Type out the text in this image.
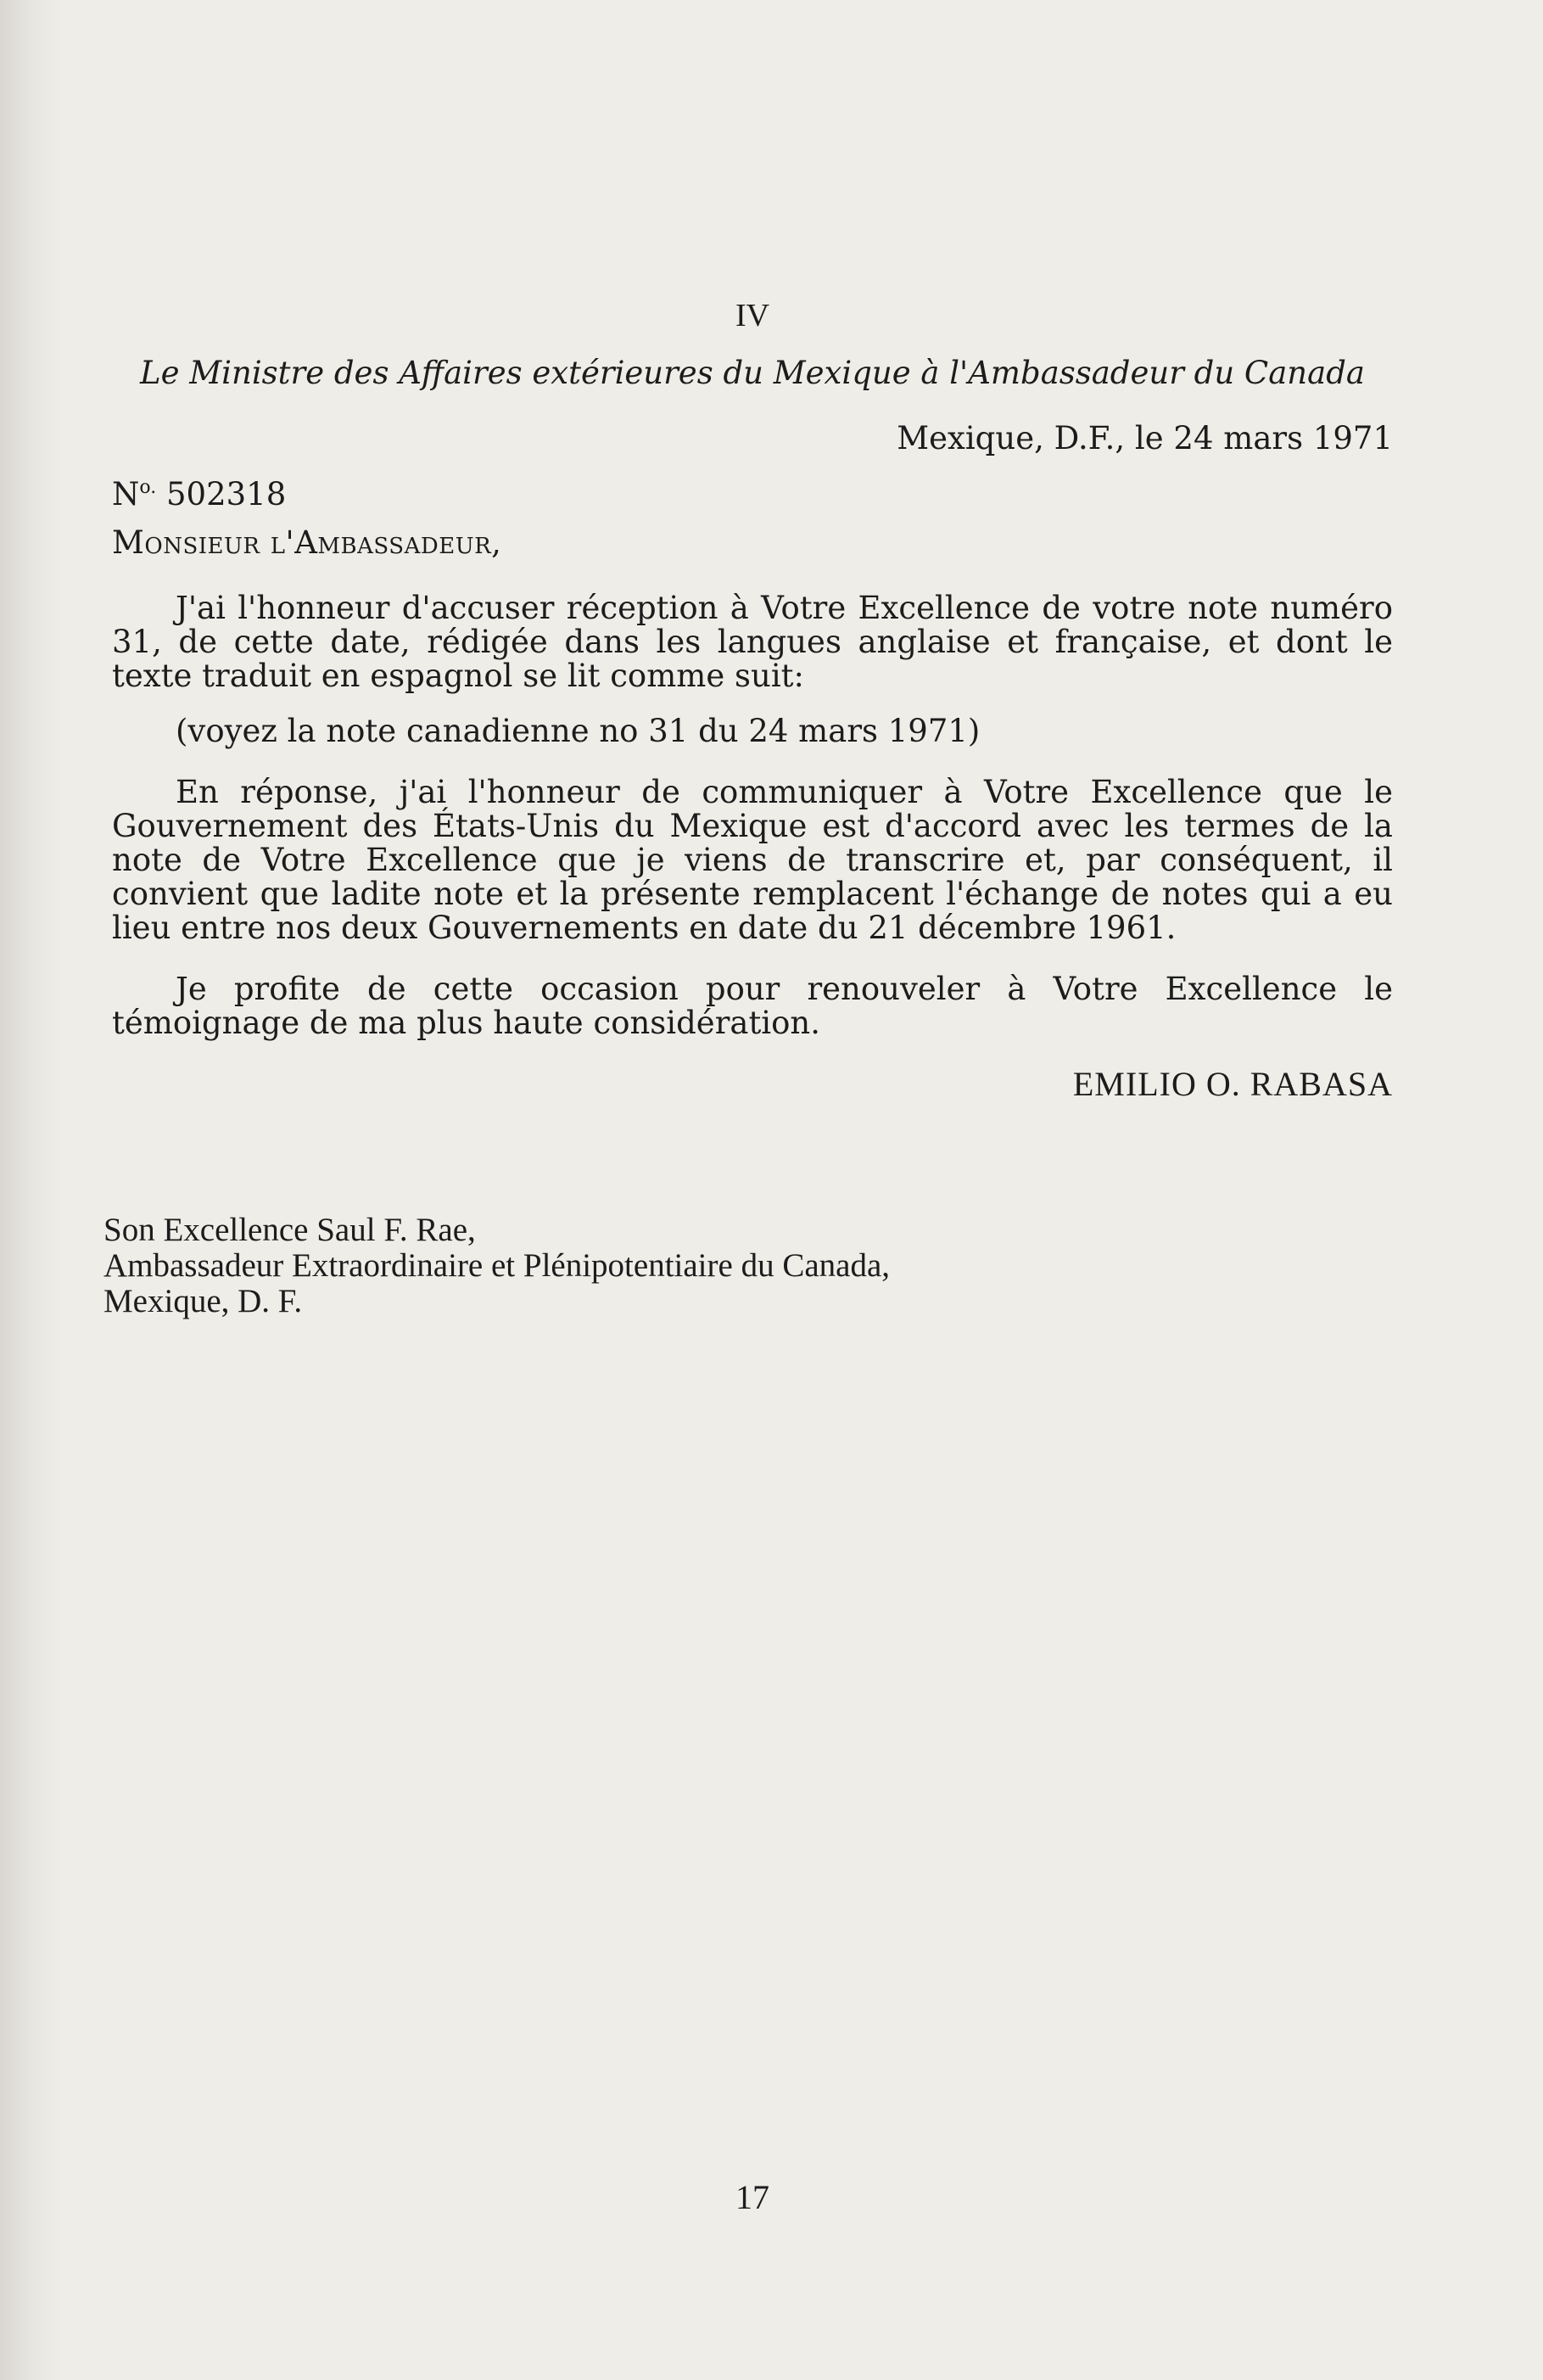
IV
Le Ministre des Affaires extérieures du Mexique à l'Ambassadeur du Canada
Mexique, D.F., le 24 mars 1971
$N^{o.}$ 502318
Monsieur l'Ambassadeur,
J'ai l'honneur d'accuser réception à Votre Excellence de votre note numéro 31, de cette date, rédigée dans les langues anglaise et française, et dont le texte traduit en espagnol se lit comme suit:
(voyez la note canadienne no 31 du 24 mars 1971)
En réponse, j'ai l'honneur de communiquer à Votre Excellence que le Gouvernement des États-Unis du Mexique est d'accord avec les termes de la note de Votre Excellence que je viens de transcrire et, par conséquent, il convient que ladite note et la présente remplacent l'échange de notes qui a eu lieu entre nos deux Gouvernements en date du 21 décembre 1961.
Je profite de cette occasion pour renouveler à Votre Excellence le témoignage de ma plus haute considération.
EMILIO O. RABASA
Son Excellence Saul F. Rae,
Ambassadeur Extraordinaire et Plénipotentiaire du Canada,
Mexique, D. F.
17
